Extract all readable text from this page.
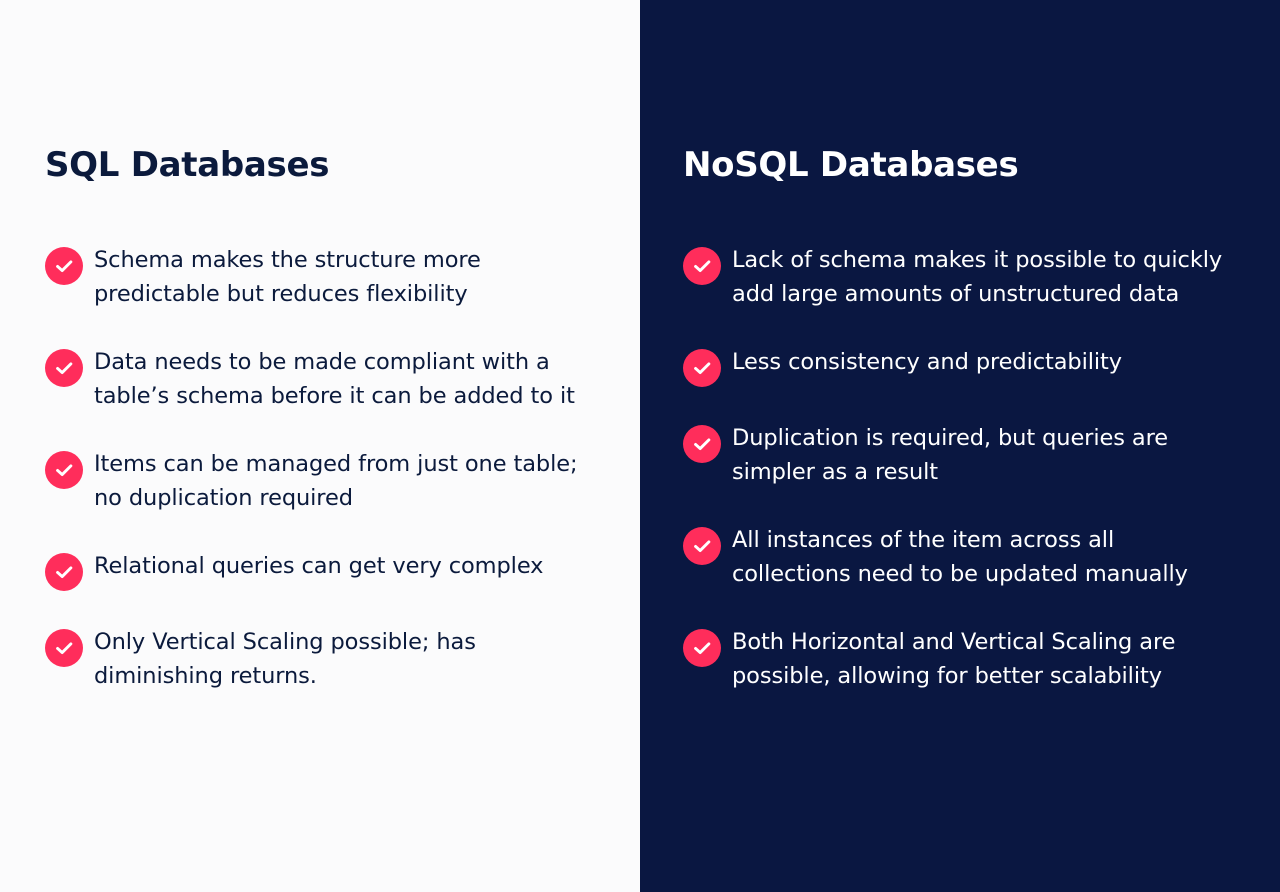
SQL Databases
Schema makes the structure more predictable but reduces flexibility
Data needs to be made compliant with a table’s schema before it can be added to it
Items can be managed from just one table; no duplication required
Relational queries can get very complex
Only Vertical Scaling possible; has diminishing returns.
NoSQL Databases
Lack of schema makes it possible to quickly add large amounts of unstructured data
Less consistency and predictability
Duplication is required, but queries are simpler as a result
All instances of the item across all collections need to be updated manually
Both Horizontal and Vertical Scaling are possible, allowing for better scalability
